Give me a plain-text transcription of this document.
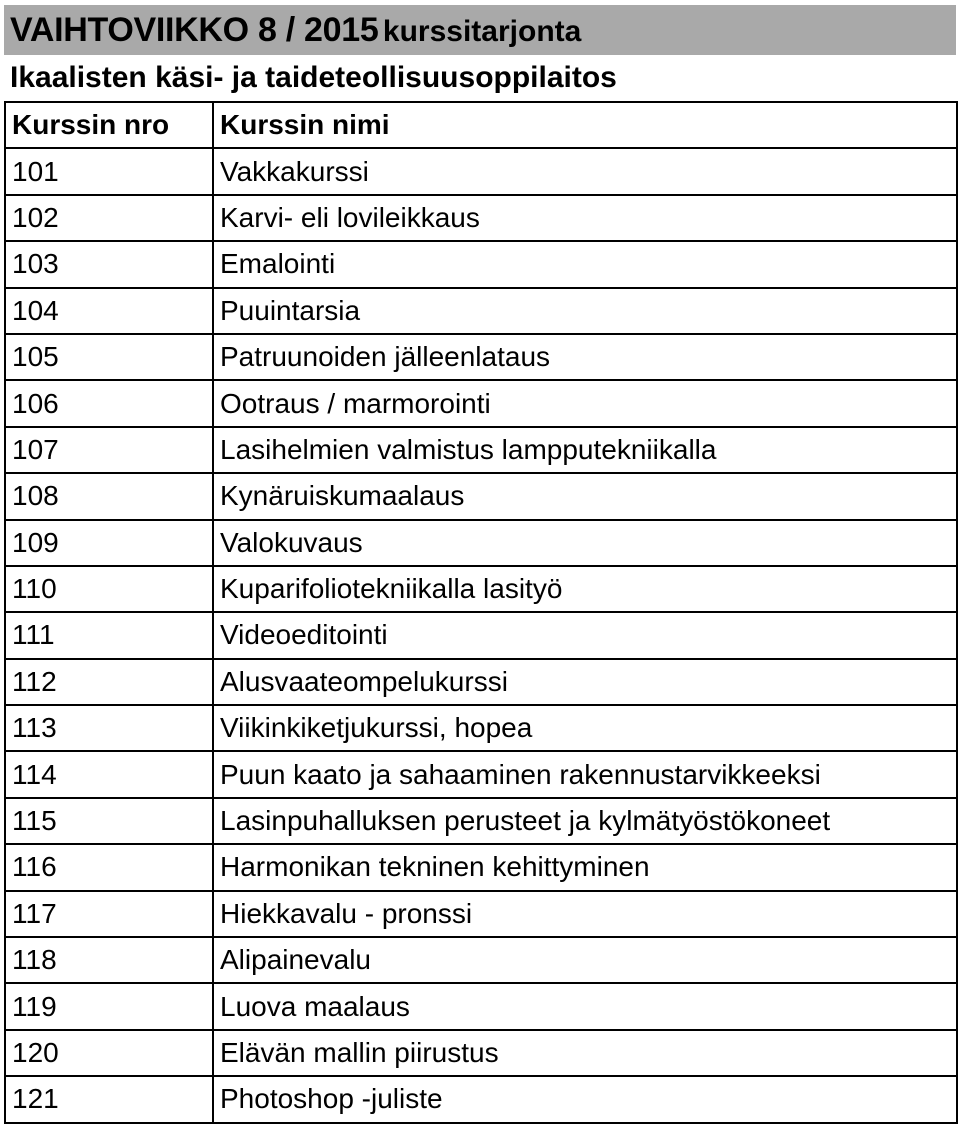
VAIHTOVIIKKO 8 / 2015 kurssitarjonta
Ikaalisten käsi- ja taideteollisuusoppilaitos
Kurssin nro	Kurssin nimi
101	Vakkakurssi
102	Karvi- eli lovileikkaus
103	Emalointi
104	Puuintarsia
105	Patruunoiden jälleenlataus
106	Ootraus / marmorointi
107	Lasihelmien valmistus lampputekniikalla
108	Kynäruiskumaalaus
109	Valokuvaus
110	Kuparifoliotekniikalla lasityö
111	Videoeditointi
112	Alusvaateompelukurssi
113	Viikinkiketjukurssi, hopea
114	Puun kaato ja sahaaminen rakennustarvikkeeksi
115	Lasinpuhalluksen perusteet ja kylmätyöstökoneet
116	Harmonikan tekninen kehittyminen
117	Hiekkavalu - pronssi
118	Alipainevalu
119	Luova maalaus
120	Elävän mallin piirustus
121	Photoshop -juliste
